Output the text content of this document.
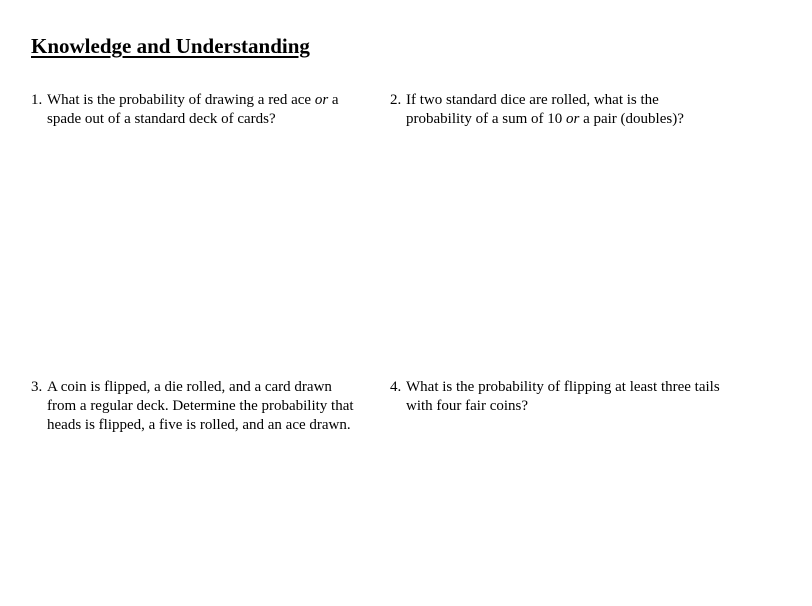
Knowledge and Understanding
1. What is the probability of drawing a red ace or a
spade out of a standard deck of cards?
2. If two standard dice are rolled, what is the
probability of a sum of 10 or a pair (doubles)?
3. A coin is flipped, a die rolled, and a card drawn
from a regular deck. Determine the probability that
heads is flipped, a five is rolled, and an ace drawn.
4. What is the probability of flipping at least three tails
with four fair coins?
